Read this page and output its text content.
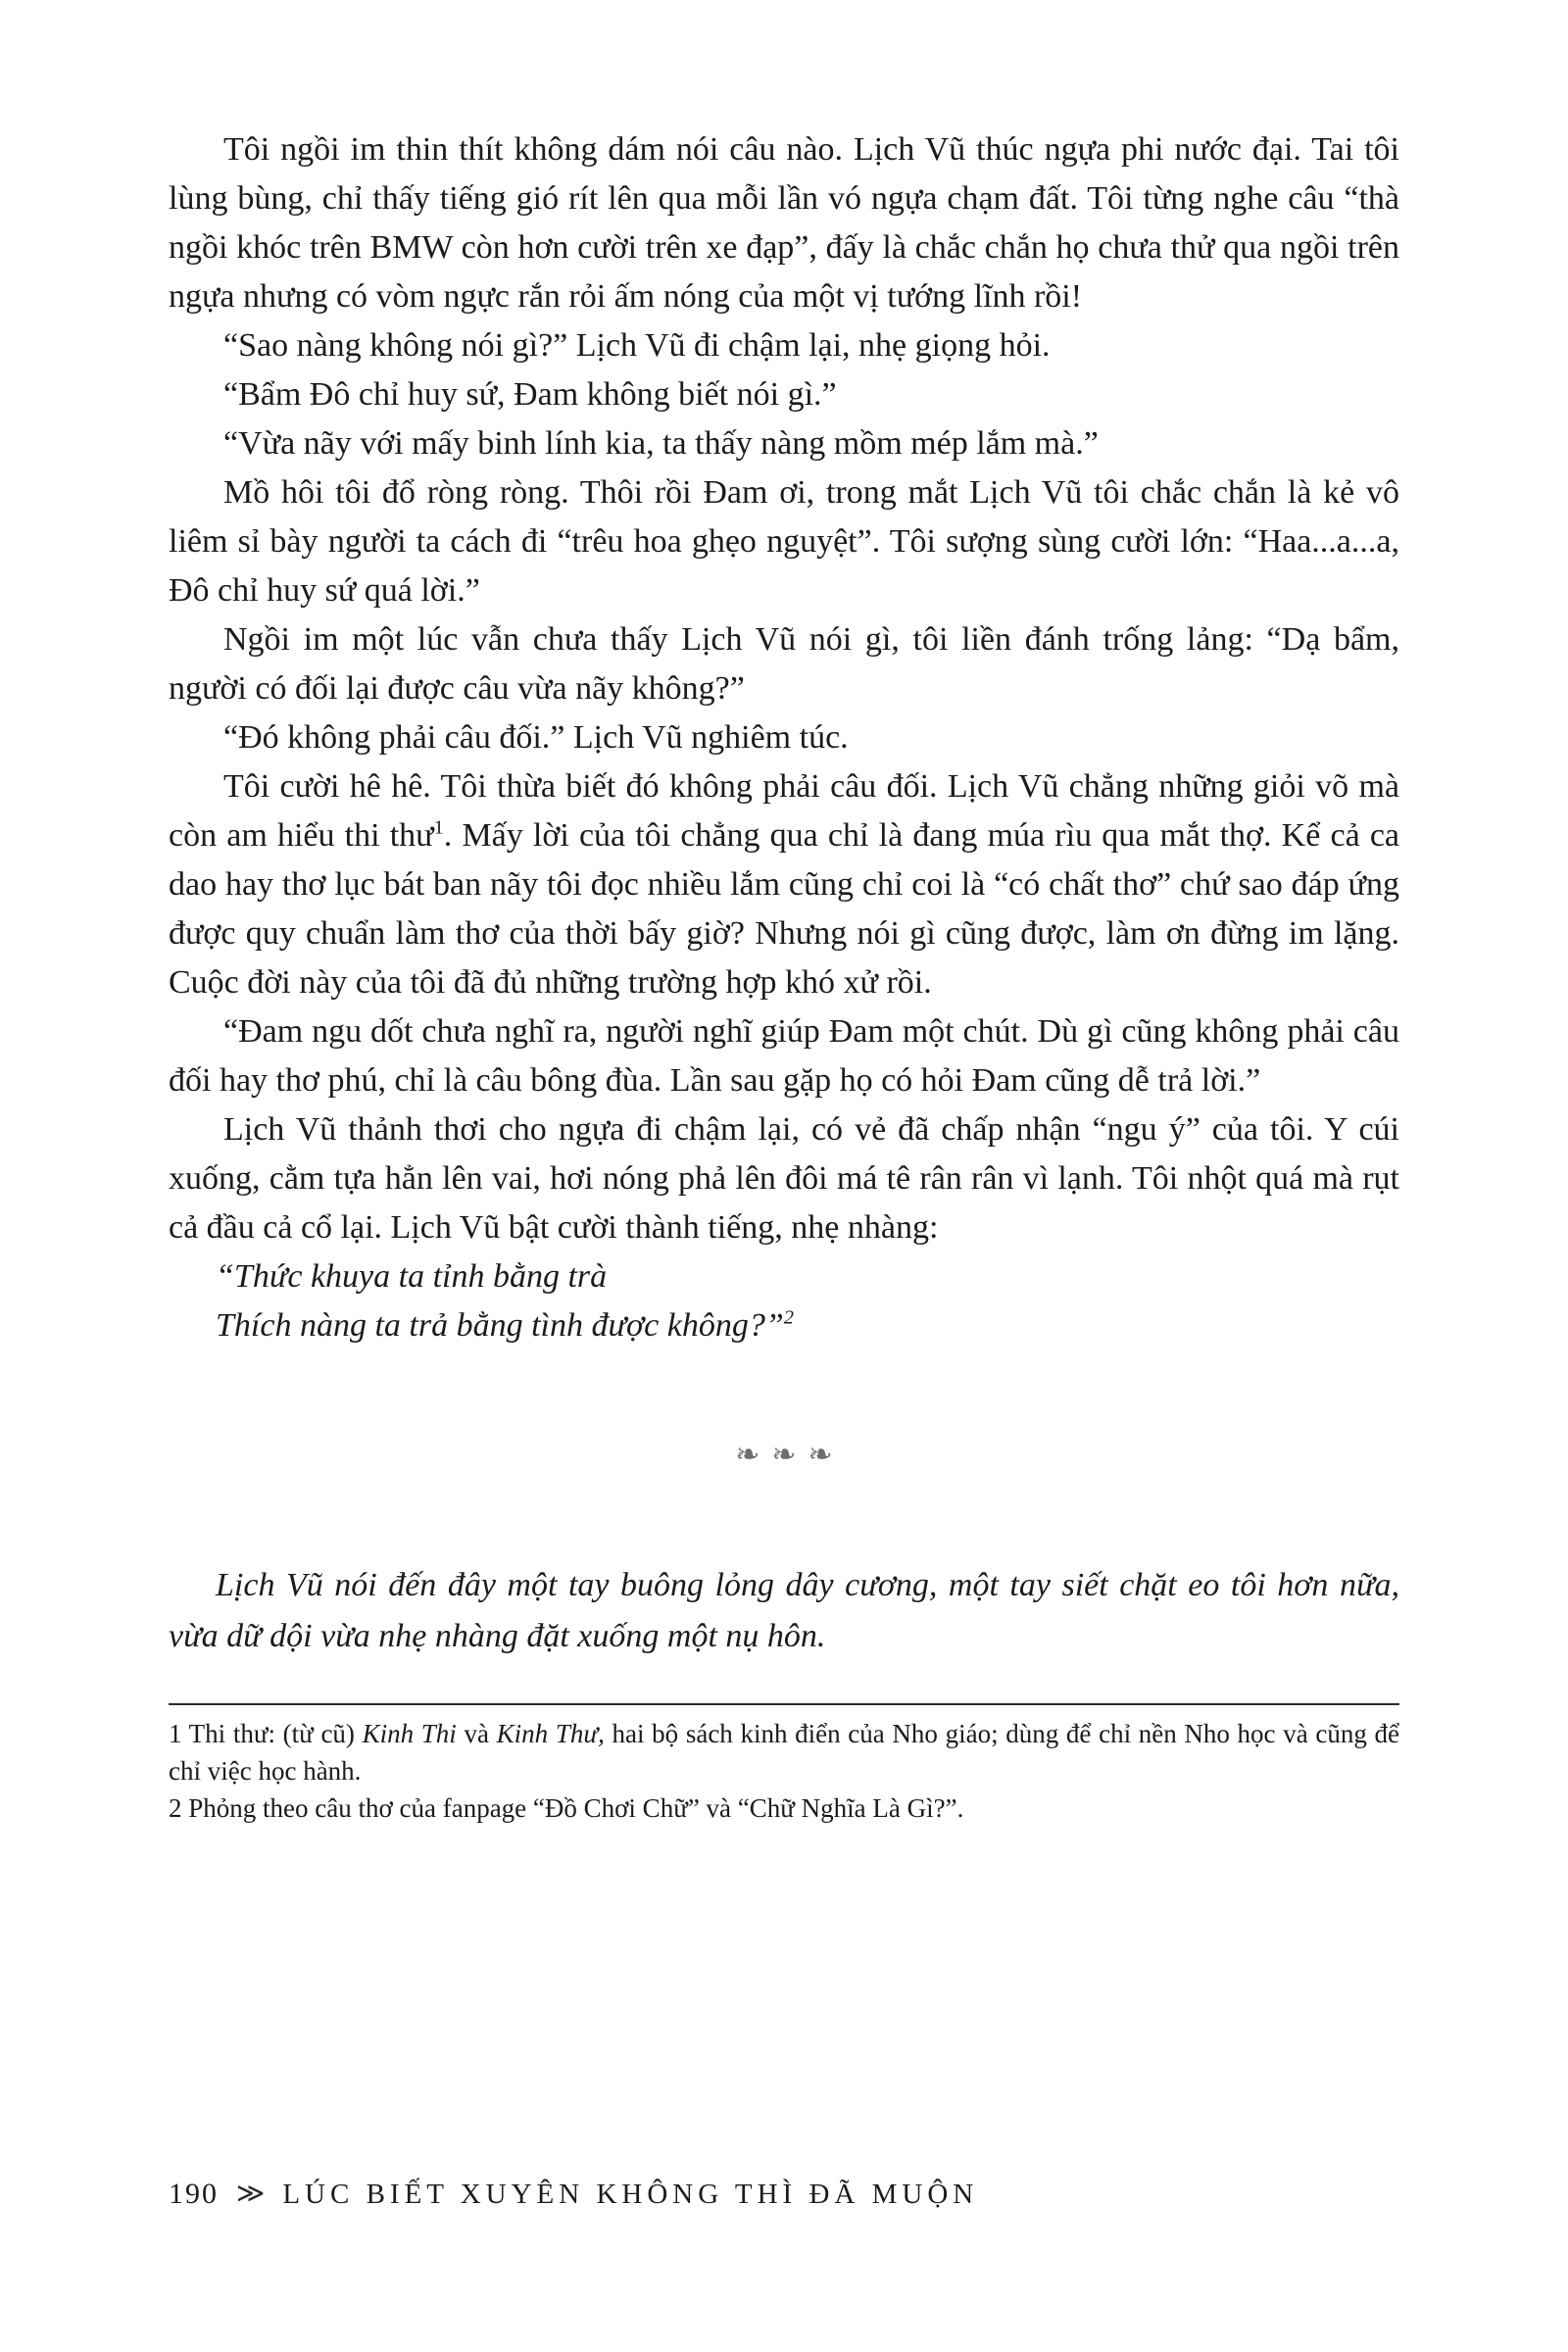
Tôi ngồi im thin thít không dám nói câu nào. Lịch Vũ thúc ngựa phi nước đại. Tai tôi lùng bùng, chỉ thấy tiếng gió rít lên qua mỗi lần vó ngựa chạm đất. Tôi từng nghe câu “thà ngồi khóc trên BMW còn hơn cười trên xe đạp”, đấy là chắc chắn họ chưa thử qua ngồi trên ngựa nhưng có vòm ngực rắn rỏi ấm nóng của một vị tướng lĩnh rồi!

“Sao nàng không nói gì?” Lịch Vũ đi chậm lại, nhẹ giọng hỏi.

“Bẩm Đô chỉ huy sứ, Đam không biết nói gì.”

“Vừa nãy với mấy binh lính kia, ta thấy nàng mồm mép lắm mà.”

Mồ hôi tôi đổ ròng ròng. Thôi rồi Đam ơi, trong mắt Lịch Vũ tôi chắc chắn là kẻ vô liêm sỉ bày người ta cách đi “trêu hoa ghẹo nguyệt”. Tôi sượng sùng cười lớn: “Haa...a...a, Đô chỉ huy sứ quá lời.”

Ngồi im một lúc vẫn chưa thấy Lịch Vũ nói gì, tôi liền đánh trống lảng: “Dạ bẩm, người có đối lại được câu vừa nãy không?”

“Đó không phải câu đối.” Lịch Vũ nghiêm túc.

Tôi cười hê hê. Tôi thừa biết đó không phải câu đối. Lịch Vũ chẳng những giỏi võ mà còn am hiểu thi thư$^1$. Mấy lời của tôi chẳng qua chỉ là đang múa rìu qua mắt thợ. Kể cả ca dao hay thơ lục bát ban nãy tôi đọc nhiều lắm cũng chỉ coi là “có chất thơ” chứ sao đáp ứng được quy chuẩn làm thơ của thời bấy giờ? Nhưng nói gì cũng được, làm ơn đừng im lặng. Cuộc đời này của tôi đã đủ những trường hợp khó xử rồi.

“Đam ngu dốt chưa nghĩ ra, người nghĩ giúp Đam một chút. Dù gì cũng không phải câu đối hay thơ phú, chỉ là câu bông đùa. Lần sau gặp họ có hỏi Đam cũng dễ trả lời.”

Lịch Vũ thảnh thơi cho ngựa đi chậm lại, có vẻ đã chấp nhận “ngu ý” của tôi. Y cúi xuống, cằm tựa hẳn lên vai, hơi nóng phả lên đôi má tê rân rân vì lạnh. Tôi nhột quá mà rụt cả đầu cả cổ lại. Lịch Vũ bật cười thành tiếng, nhẹ nhàng:

“Thức khuya ta tỉnh bằng trà

Thích nàng ta trả bằng tình được không?”$^2$

❧❧❧

Lịch Vũ nói đến đây một tay buông lỏng dây cương, một tay siết chặt eo tôi hơn nữa, vừa dữ dội vừa nhẹ nhàng đặt xuống một nụ hôn.

1 Thi thư: (từ cũ) Kinh Thi và Kinh Thư, hai bộ sách kinh điển của Nho giáo; dùng để chỉ nền Nho học và cũng để chỉ việc học hành.

2 Phỏng theo câu thơ của fanpage “Đồ Chơi Chữ” và “Chữ Nghĩa Là Gì?”.

190 ≫ LÚC BIẾT XUYÊN KHÔNG THÌ ĐÃ MUỘN
